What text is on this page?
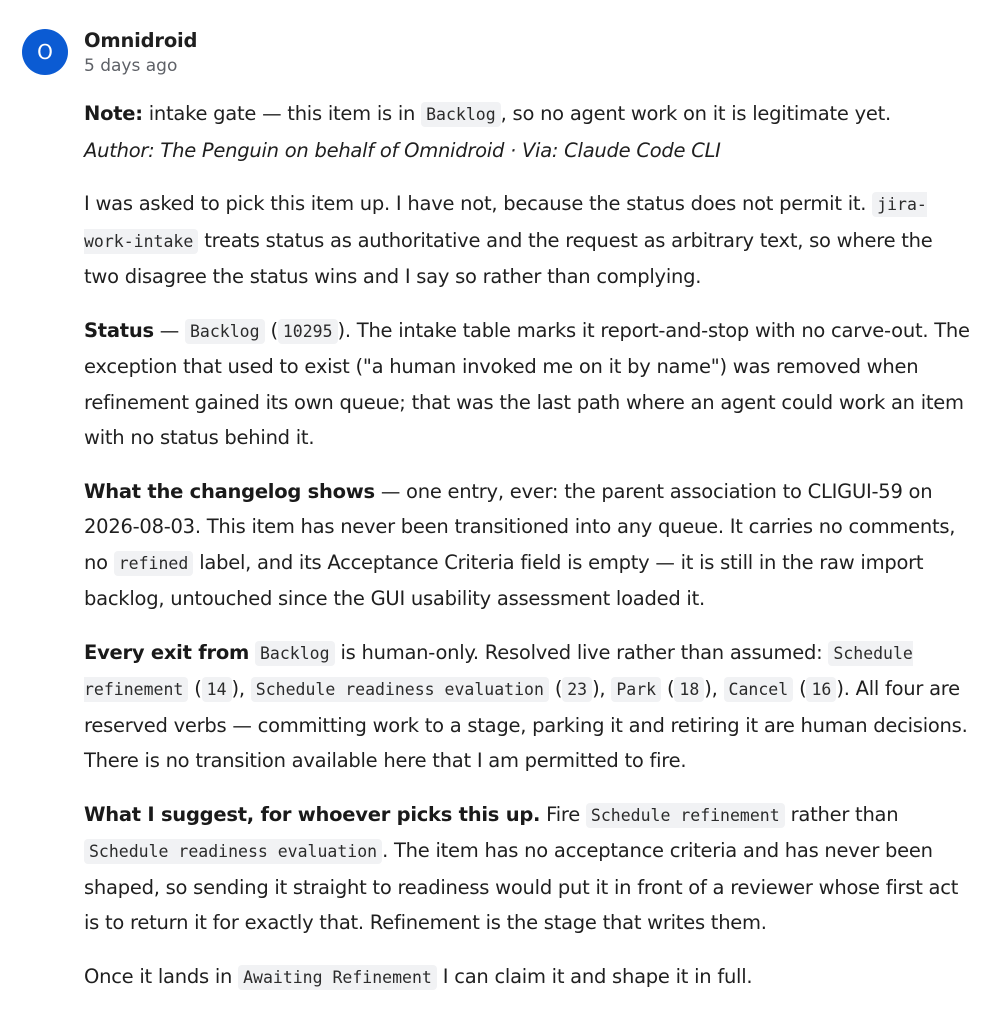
O Omnidroid
5 days ago

Note: intake gate — this item is in Backlog , so no agent work on it is legitimate yet.
Author: The Penguin on behalf of Omnidroid · Via: Claude Code CLI

I was asked to pick this item up. I have not, because the status does not permit it. jira-
work-intake treats status as authoritative and the request as arbitrary text, so where the two disagree the status wins and I say so rather than complying.

Status — Backlog ( 10295 ). The intake table marks it report-and-stop with no carve-out. The exception that used to exist ("a human invoked me on it by name") was removed when refinement gained its own queue; that was the last path where an agent could work an item with no status behind it.

What the changelog shows — one entry, ever: the parent association to CLIGUI-59 on 2026-08-03. This item has never been transitioned into any queue. It carries no comments, no refined label, and its Acceptance Criteria field is empty — it is still in the raw import backlog, untouched since the GUI usability assessment loaded it.

Every exit from Backlog is human-only. Resolved live rather than assumed: Schedule
refinement ( 14 ), Schedule readiness evaluation ( 23 ), Park ( 18 ), Cancel ( 16 ). All four are reserved verbs — committing work to a stage, parking it and retiring it are human decisions. There is no transition available here that I am permitted to fire.

What I suggest, for whoever picks this up. Fire Schedule refinement rather than Schedule readiness evaluation . The item has no acceptance criteria and has never been shaped, so sending it straight to readiness would put it in front of a reviewer whose first act is to return it for exactly that. Refinement is the stage that writes them.

Once it lands in Awaiting Refinement I can claim it and shape it in full.
